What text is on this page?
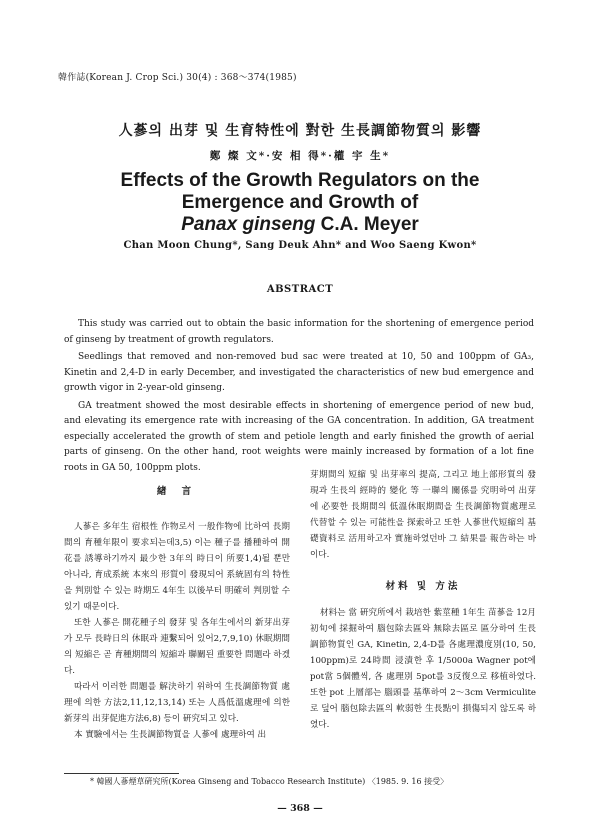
韓作誌(Korean J. Crop Sci.) 30(4) : 368～374(1985)
人蔘의 出芽 및 生育特性에 對한 生長調節物質의 影響
鄭 燦 文*·安 相 得*·權 宇 生*
Effects of the Growth Regulators on the
Emergence and Growth of
Panax ginseng C.A. Meyer
Chan Moon Chung*, Sang Deuk Ahn* and Woo Saeng Kwon*
ABSTRACT

This study was carried out to obtain the basic information for the shortening of emergence period of ginseng by treatment of growth regulators.

Seedlings that removed and non-removed bud sac were treated at 10, 50 and 100ppm of GA₃, Kinetin and 2,4-D in early December, and investigated the characteristics of new bud emergence and growth vigor in 2-year-old ginseng.

GA treatment showed the most desirable effects in shortening of emergence period of new bud, and elevating its emergence rate with increasing of the GA concentration. In addition, GA treatment especially accelerated the growth of stem and petiole length and early finished the growth of aerial parts of ginseng. On the other hand, root weights were mainly increased by formation of a lot fine roots in GA 50, 100ppm plots.

緖 言

人蔘은 多年生 宿根性 作物로서 一般作物에 比하여 長期間의 育種年限이 要求되는데3,5) 이는 種子를 播種하여 開花를 誘導하기까지 最少한 3年의 時日이 所要1,4)될 뿐만 아니라, 育成系統 本來의 形質이 發現되어 系統固有의 特性을 判別할 수 있는 時期도 4年生 以後부터 明確히 判別할 수 있기 때문이다.

또한 人蔘은 開花種子의 發芽 및 各年生에서의 新芽出芽가 모두 長時日의 休眠과 連繫되어 있어2,7,9,10) 休眠期間의 短縮은 곧 育種期間의 短縮과 聯關된 重要한 問題라 하겠다.

따라서 이러한 問題를 解決하기 위하여 生長調節物質 處理에 의한 方法2,11,12,13,14) 또는 人爲低溫處理에 의한 新芽의 出芽促進方法6,8) 등이 硏究되고 있다.

本 實驗에서는 生長調節物質을 人蔘에 處理하여 出

芽期間의 短縮 및 出芽率의 提高, 그리고 地上部形質의 發現과 生長의 經時的 變化 等 一聯의 關係를 究明하여 出芽에 必要한 長期間의 低溫休眠期間을 生長調節物質處理로 代替할 수 있는 可能性을 探索하고 또한 人蔘世代短縮의 基礎資料로 活用하고자 實施하였던바 그 結果를 報告하는 바이다.

材料 및 方法

材料는 當 硏究所에서 栽培한 紫莖種 1年生 苗蔘을 12月初旬에 採掘하여 腦包除去區와 無除去區로 區分하여 生長調節物質인 GA, Kinetin, 2,4-D를 各處理濃度別(10, 50, 100ppm)로 24時間 浸漬한 후 1/5000a Wagner pot에 pot當 5個體씩, 各 處理別 5pot를 3反復으로 移植하였다. 또한 pot 上層部는 腦頭를 基準하여 2～3cm Vermiculite로 덮어 腦包除去區의 軟弱한 生長點이 損傷되지 않도록 하였다.

* 韓國人蔘煙草硏究所(Korea Ginseng and Tobacco Research Institute) 〈1985. 9. 16 接受〉
— 368 —
